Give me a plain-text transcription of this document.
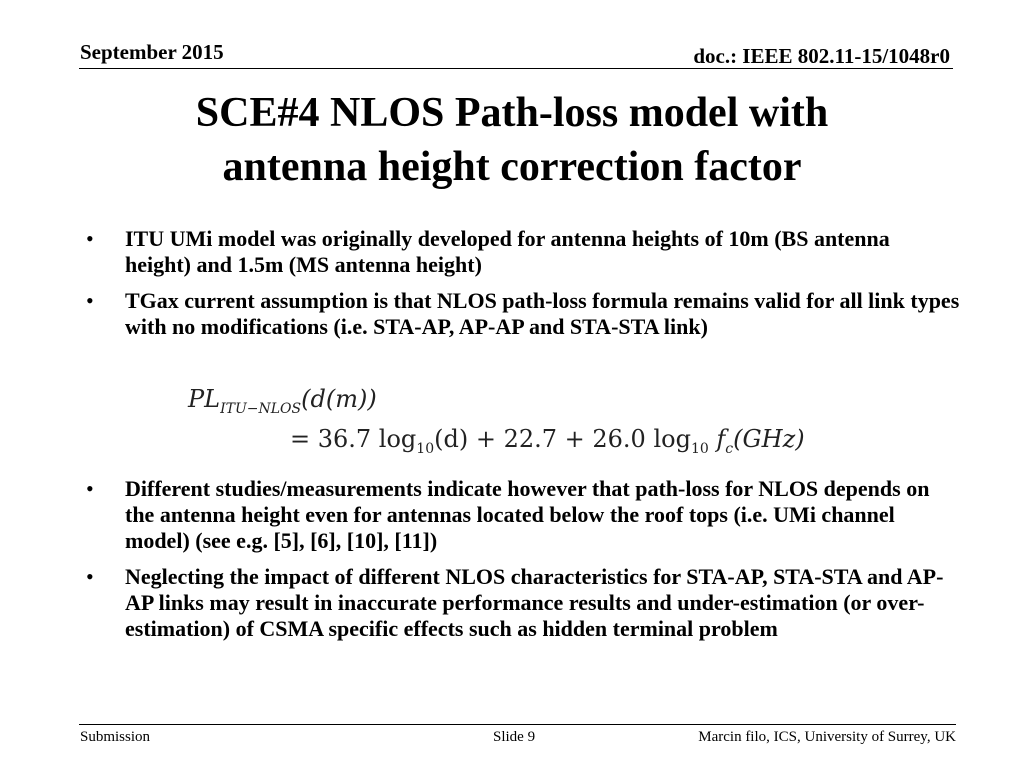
September 2015	doc.: IEEE 802.11-15/1048r0
SCE#4 NLOS Path-loss model with
antenna height correction factor
• ITU UMi model was originally developed for antenna heights of 10m (BS antenna height) and 1.5m (MS antenna height)
• TGax current assumption is that NLOS path-loss formula remains valid for all link types with no modifications (i.e. STA-AP, AP-AP and STA-STA link)
$PL_{ITU-NLOS}(d(m))$
= 36.7 $\log_{10}(d) + 22.7 + 26.0$ $\log_{10} f_c(GHz)$
• Different studies/measurements indicate however that path-loss for NLOS depends on the antenna height even for antennas located below the roof tops (i.e. UMi channel model) (see e.g. [5], [6], [10], [11])
• Neglecting the impact of different NLOS characteristics for STA-AP, STA-STA and AP-AP links may result in inaccurate performance results and under-estimation (or over-estimation) of CSMA specific effects such as hidden terminal problem
Submission	Slide 9	Marcin filo, ICS, University of Surrey, UK
